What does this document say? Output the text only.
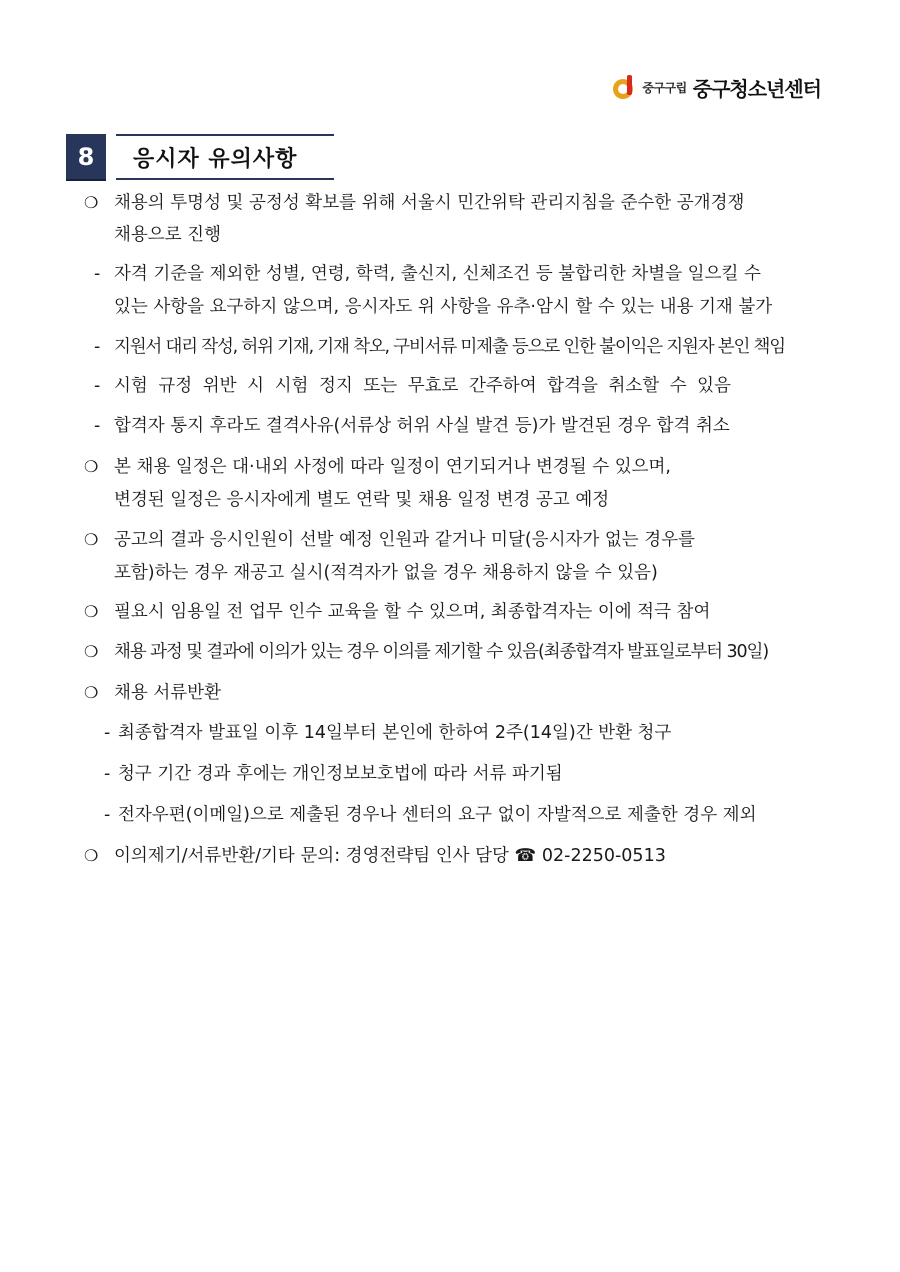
중구구립 중구청소년센터
8	응시자 유의사항
❍ 채용의 투명성 및 공정성 확보를 위해 서울시 민간위탁 관리지침을 준수한 공개경쟁
채용으로 진행
- 자격 기준을 제외한 성별, 연령, 학력, 출신지, 신체조건 등 불합리한 차별을 일으킬 수
있는 사항을 요구하지 않으며, 응시자도 위 사항을 유추·암시 할 수 있는 내용 기재 불가
- 지원서 대리 작성, 허위 기재, 기재 착오, 구비서류 미제출 등으로 인한 불이익은 지원자 본인 책임
- 시험 규정 위반 시 시험 정지 또는 무효로 간주하여 합격을 취소할 수 있음
- 합격자 통지 후라도 결격사유(서류상 허위 사실 발견 등)가 발견된 경우 합격 취소
❍ 본 채용 일정은 대·내외 사정에 따라 일정이 연기되거나 변경될 수 있으며,
변경된 일정은 응시자에게 별도 연락 및 채용 일정 변경 공고 예정
❍ 공고의 결과 응시인원이 선발 예정 인원과 같거나 미달(응시자가 없는 경우를
포함)하는 경우 재공고 실시(적격자가 없을 경우 채용하지 않을 수 있음)
❍ 필요시 임용일 전 업무 인수 교육을 할 수 있으며, 최종합격자는 이에 적극 참여
❍ 채용 과정 및 결과에 이의가 있는 경우 이의를 제기할 수 있음(최종합격자 발표일로부터 30일)
❍ 채용 서류반환
- 최종합격자 발표일 이후 14일부터 본인에 한하여 2주(14일)간 반환 청구
- 청구 기간 경과 후에는 개인정보보호법에 따라 서류 파기됨
- 전자우편(이메일)으로 제출된 경우나 센터의 요구 없이 자발적으로 제출한 경우 제외
❍ 이의제기/서류반환/기타 문의: 경영전략팀 인사 담당 ☎ 02-2250-0513
